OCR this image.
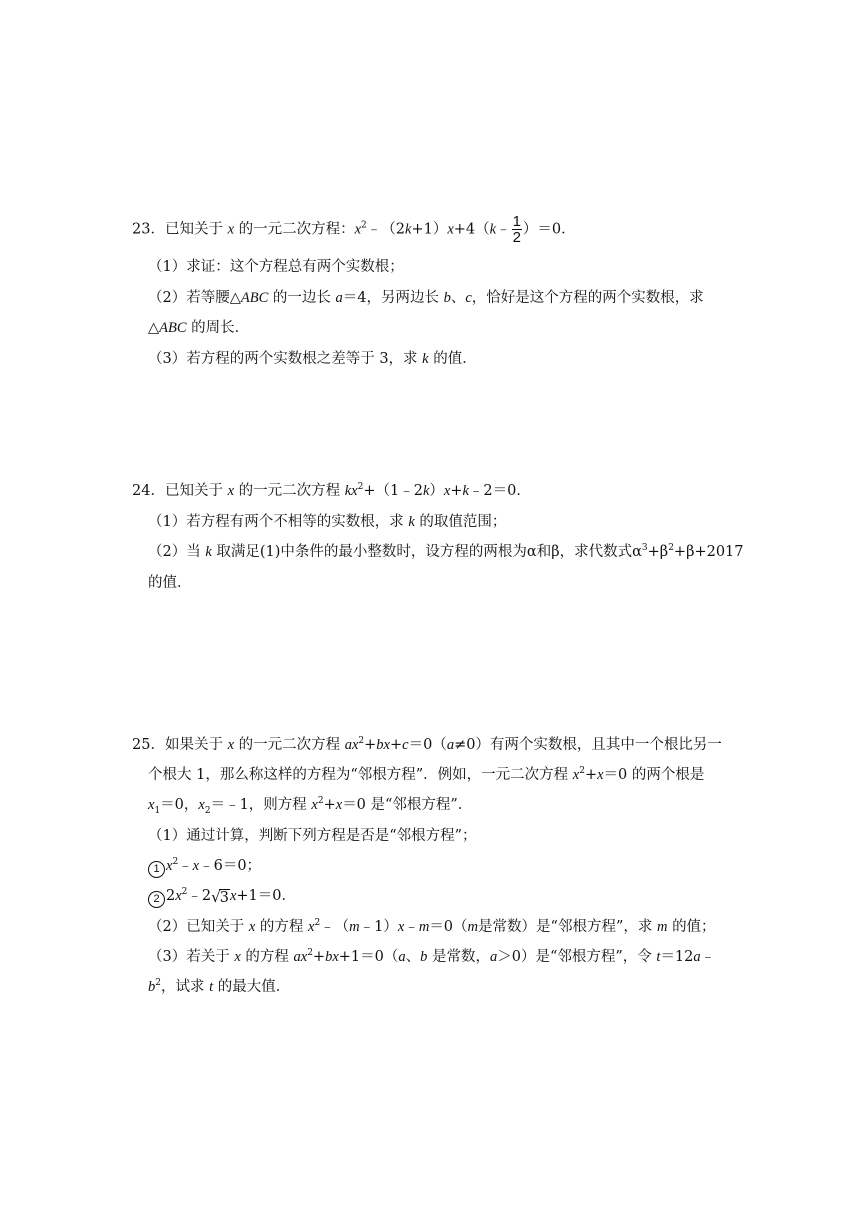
23．已知关于 x 的一元二次方程：$x^2﹣(2k+1)x+4(k﹣ \frac{1}{2} )=0$．
（1）求证：这个方程总有两个实数根；
（2）若等腰△ABC 的一边长 a＝4，另两边长 b、c，恰好是这个方程的两个实数根，求
△ABC 的周长．
（3）若方程的两个实数根之差等于 3，求 k 的值．
24．已知关于 x 的一元二次方程 $kx^2+(1﹣2k)x+k﹣2=0$．
（1）若方程有两个不相等的实数根，求 k 的取值范围；
（2）当 k 取满足(1)中条件的最小整数时，设方程的两根为α和β，求代数式$\alpha^3+\beta^2+\beta+2017$
的值．
25．如果关于 x 的一元二次方程 $ax^2+bx+c=0(a\ne 0)$有两个实数根，且其中一个根比另一
个根大 1，那么称这样的方程为“邻根方程”．例如，一元二次方程 $x^2+x=0$ 的两个根是
$x_1=0$，$x_2=﹣1$，则方程 $x^2+x=0$ 是“邻根方程”．
（1）通过计算，判断下列方程是否是“邻根方程”；
1 $x^2﹣x﹣6=0$；
2 $2x^2﹣2√3x+1=0$．
（2）已知关于 x 的方程 $x^2﹣(m﹣1)x﹣m=0(m$是常数）是“邻根方程”，求 m 的值；
（3）若关于 x 的方程 $ax^2+bx+1=0(a$、b 是常数，a＞0）是“邻根方程”，令 t＝12a﹣
$b^2$，试求 t 的最大值．
